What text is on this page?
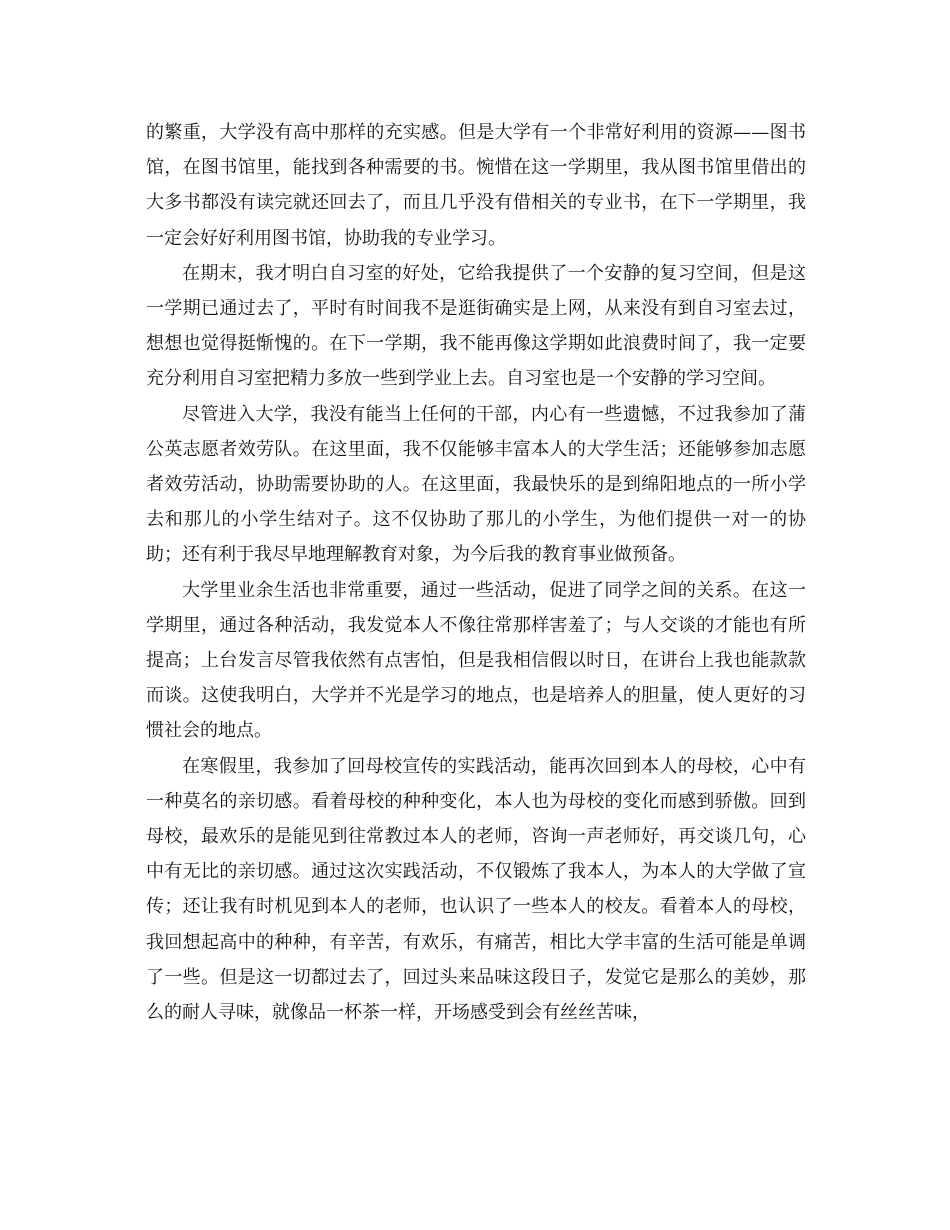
的繁重，大学没有高中那样的充实感。但是大学有一个非常好利用的资源——图书馆，在图书馆里，能找到各种需要的书。惋惜在这一学期里，我从图书馆里借出的大多书都没有读完就还回去了，而且几乎没有借相关的专业书，在下一学期里，我一定会好好利用图书馆，协助我的专业学习。

在期末，我才明白自习室的好处，它给我提供了一个安静的复习空间，但是这一学期已通过去了，平时有时间我不是逛街确实是上网，从来没有到自习室去过，想想也觉得挺惭愧的。在下一学期，我不能再像这学期如此浪费时间了，我一定要充分利用自习室把精力多放一些到学业上去。自习室也是一个安静的学习空间。

尽管进入大学，我没有能当上任何的干部，内心有一些遗憾，不过我参加了蒲公英志愿者效劳队。在这里面，我不仅能够丰富本人的大学生活；还能够参加志愿者效劳活动，协助需要协助的人。在这里面，我最快乐的是到绵阳地点的一所小学去和那儿的小学生结对子。这不仅协助了那儿的小学生，为他们提供一对一的协助；还有利于我尽早地理解教育对象，为今后我的教育事业做预备。

大学里业余生活也非常重要，通过一些活动，促进了同学之间的关系。在这一学期里，通过各种活动，我发觉本人不像往常那样害羞了；与人交谈的才能也有所提高；上台发言尽管我依然有点害怕，但是我相信假以时日，在讲台上我也能款款而谈。这使我明白，大学并不光是学习的地点，也是培养人的胆量，使人更好的习惯社会的地点。

在寒假里，我参加了回母校宣传的实践活动，能再次回到本人的母校，心中有一种莫名的亲切感。看着母校的种种变化，本人也为母校的变化而感到骄傲。回到母校，最欢乐的是能见到往常教过本人的老师，咨询一声老师好，再交谈几句，心中有无比的亲切感。通过这次实践活动，不仅锻炼了我本人，为本人的大学做了宣传；还让我有时机见到本人的老师，也认识了一些本人的校友。看着本人的母校，我回想起高中的种种，有辛苦，有欢乐，有痛苦，相比大学丰富的生活可能是单调了一些。但是这一切都过去了，回过头来品味这段日子，发觉它是那么的美妙，那么的耐人寻味，就像品一杯茶一样，开场感受到会有丝丝苦味，
